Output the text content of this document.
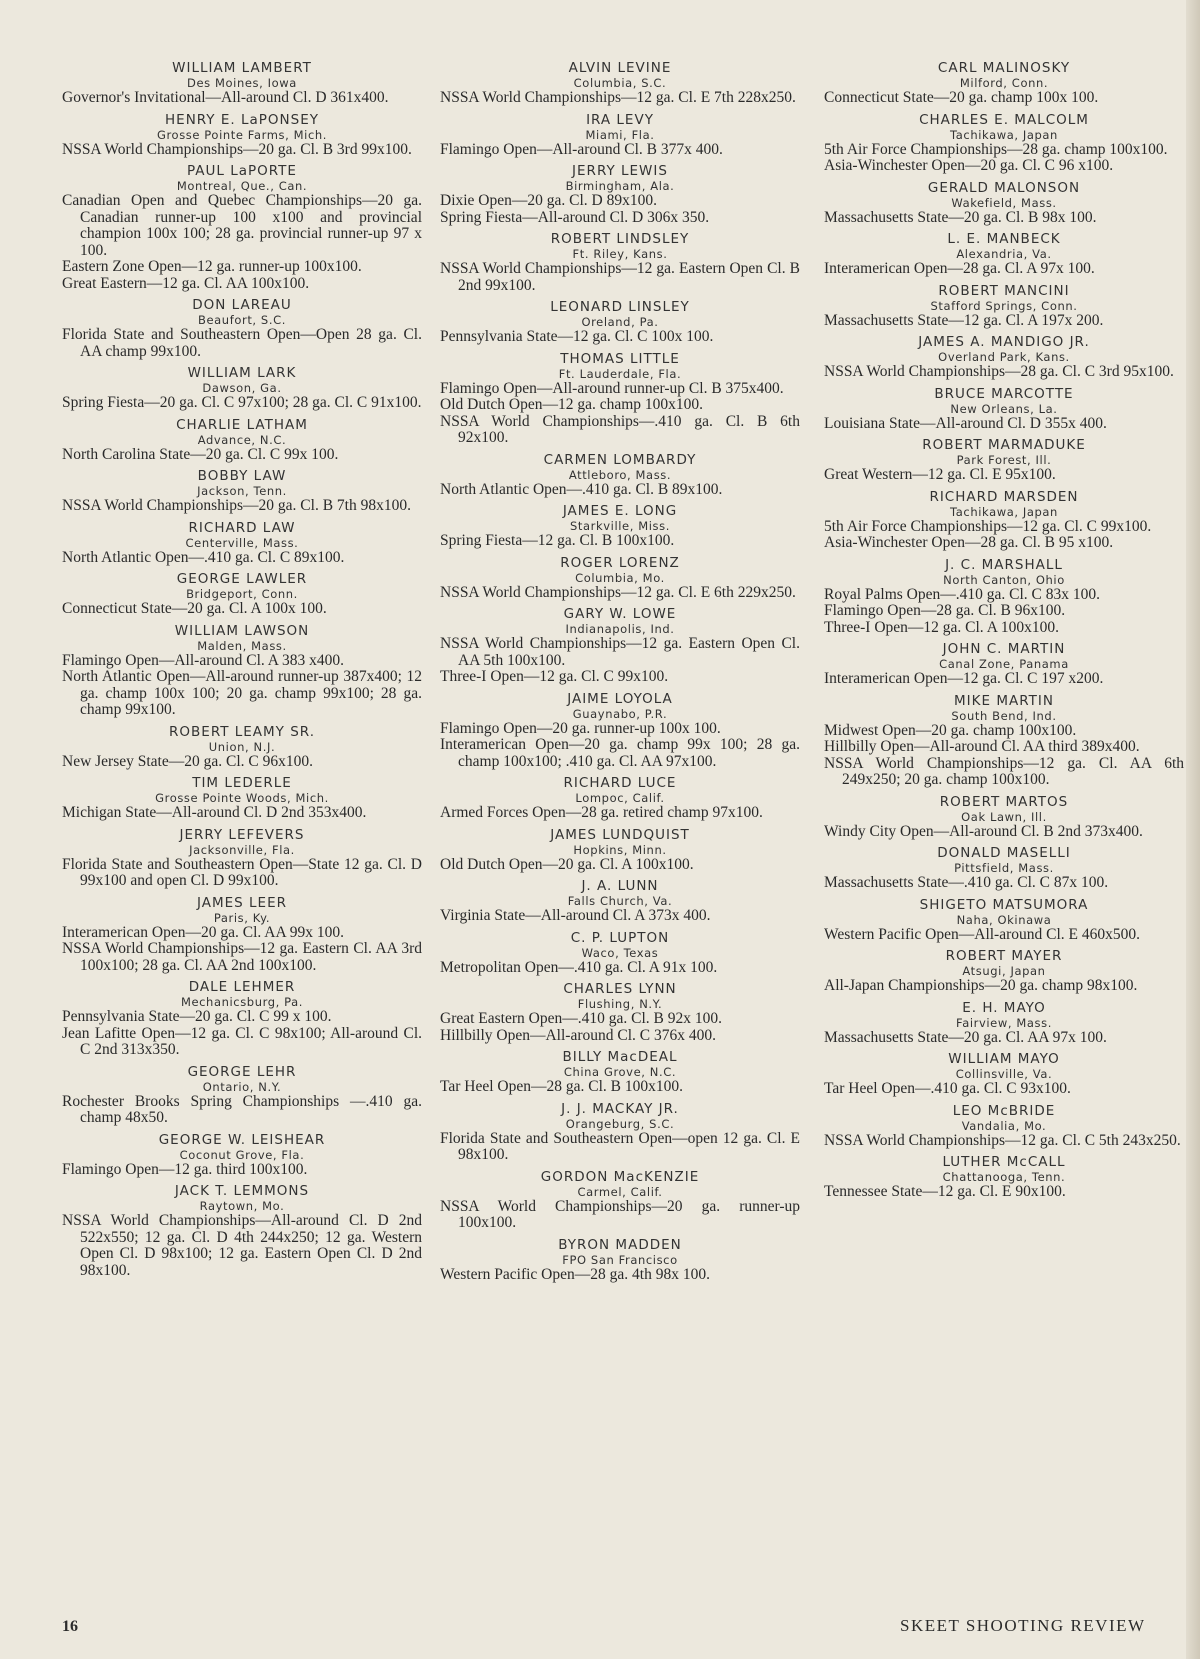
WILLIAM LAMBERT
Des Moines, Iowa
Governor's Invitational—All-around Cl. D 361x400.
HENRY E. LaPONSEY
Grosse Pointe Farms, Mich.
NSSA World Championships—20 ga. Cl. B 3rd 99x100.
PAUL LaPORTE
Montreal, Que., Can.
Canadian Open and Quebec Championships—20 ga. Canadian runner-up 100 x100 and provincial champion 100x 100; 28 ga. provincial runner-up 97 x 100.
Eastern Zone Open—12 ga. runner-up 100x100.
Great Eastern—12 ga. Cl. AA 100x100.
DON LAREAU
Beaufort, S.C.
Florida State and Southeastern Open—Open 28 ga. Cl. AA champ 99x100.
WILLIAM LARK
Dawson, Ga.
Spring Fiesta—20 ga. Cl. C 97x100; 28 ga. Cl. C 91x100.
CHARLIE LATHAM
Advance, N.C.
North Carolina State—20 ga. Cl. C 99x 100.
BOBBY LAW
Jackson, Tenn.
NSSA World Championships—20 ga. Cl. B 7th 98x100.
RICHARD LAW
Centerville, Mass.
North Atlantic Open—.410 ga. Cl. C 89x100.
GEORGE LAWLER
Bridgeport, Conn.
Connecticut State—20 ga. Cl. A 100x 100.
WILLIAM LAWSON
Malden, Mass.
Flamingo Open—All-around Cl. A 383 x400.
North Atlantic Open—All-around runner-up 387x400; 12 ga. champ 100x 100; 20 ga. champ 99x100; 28 ga. champ 99x100.
ROBERT LEAMY SR.
Union, N.J.
New Jersey State—20 ga. Cl. C 96x100.
TIM LEDERLE
Grosse Pointe Woods, Mich.
Michigan State—All-around Cl. D 2nd 353x400.
JERRY LEFEVERS
Jacksonville, Fla.
Florida State and Southeastern Open—State 12 ga. Cl. D 99x100 and open Cl. D 99x100.
JAMES LEER
Paris, Ky.
Interamerican Open—20 ga. Cl. AA 99x 100.
NSSA World Championships—12 ga. Eastern Cl. AA 3rd 100x100; 28 ga. Cl. AA 2nd 100x100.
DALE LEHMER
Mechanicsburg, Pa.
Pennsylvania State—20 ga. Cl. C 99 x 100.
Jean Lafitte Open—12 ga. Cl. C 98x100; All-around Cl. C 2nd 313x350.
GEORGE LEHR
Ontario, N.Y.
Rochester Brooks Spring Championships —.410 ga. champ 48x50.
GEORGE W. LEISHEAR
Coconut Grove, Fla.
Flamingo Open—12 ga. third 100x100.
JACK T. LEMMONS
Raytown, Mo.
NSSA World Championships—All-around Cl. D 2nd 522x550; 12 ga. Cl. D 4th 244x250; 12 ga. Western Open Cl. D 98x100; 12 ga. Eastern Open Cl. D 2nd 98x100.
ALVIN LEVINE
Columbia, S.C.
NSSA World Championships—12 ga. Cl. E 7th 228x250.
IRA LEVY
Miami, Fla.
Flamingo Open—All-around Cl. B 377x 400.
JERRY LEWIS
Birmingham, Ala.
Dixie Open—20 ga. Cl. D 89x100.
Spring Fiesta—All-around Cl. D 306x 350.
ROBERT LINDSLEY
Ft. Riley, Kans.
NSSA World Championships—12 ga. Eastern Open Cl. B 2nd 99x100.
LEONARD LINSLEY
Oreland, Pa.
Pennsylvania State—12 ga. Cl. C 100x 100.
THOMAS LITTLE
Ft. Lauderdale, Fla.
Flamingo Open—All-around runner-up Cl. B 375x400.
Old Dutch Open—12 ga. champ 100x100.
NSSA World Championships—.410 ga. Cl. B 6th 92x100.
CARMEN LOMBARDY
Attleboro, Mass.
North Atlantic Open—.410 ga. Cl. B 89x100.
JAMES E. LONG
Starkville, Miss.
Spring Fiesta—12 ga. Cl. B 100x100.
ROGER LORENZ
Columbia, Mo.
NSSA World Championships—12 ga. Cl. E 6th 229x250.
GARY W. LOWE
Indianapolis, Ind.
NSSA World Championships—12 ga. Eastern Open Cl. AA 5th 100x100.
Three-I Open—12 ga. Cl. C 99x100.
JAIME LOYOLA
Guaynabo, P.R.
Flamingo Open—20 ga. runner-up 100x 100.
Interamerican Open—20 ga. champ 99x 100; 28 ga. champ 100x100; .410 ga. Cl. AA 97x100.
RICHARD LUCE
Lompoc, Calif.
Armed Forces Open—28 ga. retired champ 97x100.
JAMES LUNDQUIST
Hopkins, Minn.
Old Dutch Open—20 ga. Cl. A 100x100.
J. A. LUNN
Falls Church, Va.
Virginia State—All-around Cl. A 373x 400.
C. P. LUPTON
Waco, Texas
Metropolitan Open—.410 ga. Cl. A 91x 100.
CHARLES LYNN
Flushing, N.Y.
Great Eastern Open—.410 ga. Cl. B 92x 100.
Hillbilly Open—All-around Cl. C 376x 400.
BILLY MacDEAL
China Grove, N.C.
Tar Heel Open—28 ga. Cl. B 100x100.
J. J. MACKAY JR.
Orangeburg, S.C.
Florida State and Southeastern Open—open 12 ga. Cl. E 98x100.
GORDON MacKENZIE
Carmel, Calif.
NSSA World Championships—20 ga. runner-up 100x100.
BYRON MADDEN
FPO San Francisco
Western Pacific Open—28 ga. 4th 98x 100.
CARL MALINOSKY
Milford, Conn.
Connecticut State—20 ga. champ 100x 100.
CHARLES E. MALCOLM
Tachikawa, Japan
5th Air Force Championships—28 ga. champ 100x100.
Asia-Winchester Open—20 ga. Cl. C 96 x100.
GERALD MALONSON
Wakefield, Mass.
Massachusetts State—20 ga. Cl. B 98x 100.
L. E. MANBECK
Alexandria, Va.
Interamerican Open—28 ga. Cl. A 97x 100.
ROBERT MANCINI
Stafford Springs, Conn.
Massachusetts State—12 ga. Cl. A 197x 200.
JAMES A. MANDIGO JR.
Overland Park, Kans.
NSSA World Championships—28 ga. Cl. C 3rd 95x100.
BRUCE MARCOTTE
New Orleans, La.
Louisiana State—All-around Cl. D 355x 400.
ROBERT MARMADUKE
Park Forest, Ill.
Great Western—12 ga. Cl. E 95x100.
RICHARD MARSDEN
Tachikawa, Japan
5th Air Force Championships—12 ga. Cl. C 99x100.
Asia-Winchester Open—28 ga. Cl. B 95 x100.
J. C. MARSHALL
North Canton, Ohio
Royal Palms Open—.410 ga. Cl. C 83x 100.
Flamingo Open—28 ga. Cl. B 96x100.
Three-I Open—12 ga. Cl. A 100x100.
JOHN C. MARTIN
Canal Zone, Panama
Interamerican Open—12 ga. Cl. C 197 x200.
MIKE MARTIN
South Bend, Ind.
Midwest Open—20 ga. champ 100x100.
Hillbilly Open—All-around Cl. AA third 389x400.
NSSA World Championships—12 ga. Cl. AA 6th 249x250; 20 ga. champ 100x100.
ROBERT MARTOS
Oak Lawn, Ill.
Windy City Open—All-around Cl. B 2nd 373x400.
DONALD MASELLI
Pittsfield, Mass.
Massachusetts State—.410 ga. Cl. C 87x 100.
SHIGETO MATSUMORA
Naha, Okinawa
Western Pacific Open—All-around Cl. E 460x500.
ROBERT MAYER
Atsugi, Japan
All-Japan Championships—20 ga. champ 98x100.
E. H. MAYO
Fairview, Mass.
Massachusetts State—20 ga. Cl. AA 97x 100.
WILLIAM MAYO
Collinsville, Va.
Tar Heel Open—.410 ga. Cl. C 93x100.
LEO McBRIDE
Vandalia, Mo.
NSSA World Championships—12 ga. Cl. C 5th 243x250.
LUTHER McCALL
Chattanooga, Tenn.
Tennessee State—12 ga. Cl. E 90x100.
16	SKEET SHOOTING REVIEW
